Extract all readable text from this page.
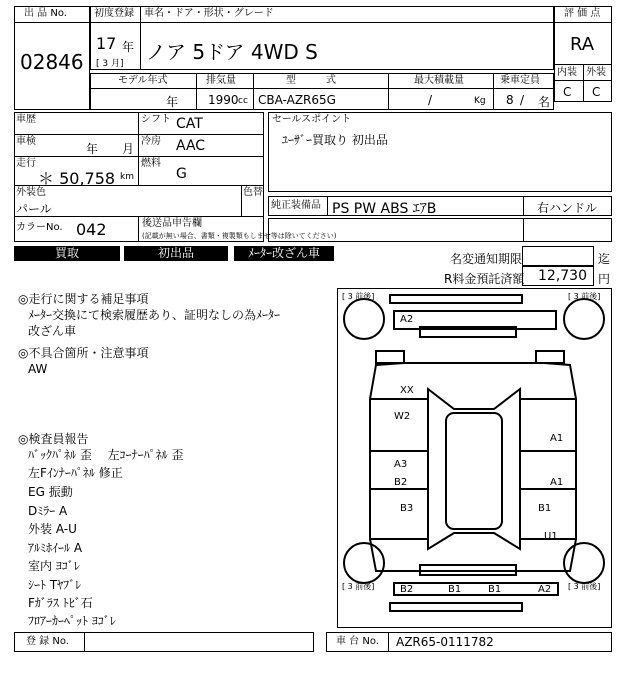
出 品 No.
02846
初度登録 車名・ドア・形状・グレード
17 年
[ 3 月] ノア 5ドア 4WD S
評 価 点
RA
内装 外装
C C
モデル年式	排気量	型　　　式	最大積載量	乗車定員
年 1990 cc CBA-AZR65G	/	Kg 8 / 名
車歴	シフト CAT
車検
年 月
冷房 AAC
走行
＊ 50,758 km
燃料
G
外装色
パール
色替
カラーNo. 042	後送品申告欄
(記載が無い場合、書類・複製類もしませ等は除いてください)
セールスポイント
ﾕｰｻﾞｰ買取り 初出品
純正装備品 PS PW ABS ｴｱB	右ハンドル
買取	初出品	ﾒｰﾀｰ改ざん車	名変通知期限	迄
R料金預託済額 12,730 円
◎走行に関する補足事項
ﾒｰﾀｰ交換にて検索履歴あり、証明なしの為ﾒｰﾀｰ
改ざん車
◎不具合箇所・注意事項
AW
◎検査員報告
ﾊﾞｯｸﾊﾟﾈﾙ 歪　 左ｺｰﾅｰﾊﾟﾈﾙ 歪
左Fｲﾝﾅｰﾊﾟﾈﾙ 修正
EG 振動
Dﾐﾗｰ A
外装 A-U
ｱﾙﾐﾎｲｰﾙ A
室内 ﾖｺﾞﾚ
ｼｰﾄ Tﾔﾌﾞﾚ
Fｶﾞﾗｽ ﾄﾋﾞ石
ﾌﾛｱｰｶｰﾍﾟｯﾄ ﾖｺﾞﾚ
[ 3 前後]	[ 3 前後]
[ 3 前後]	[ 3 前後]
A2
XX
W2
A3
B2
B3
A1
A1
B1
U1
B2	B1	B1	A2
登 録 No.	車 台 No. AZR65-0111782
